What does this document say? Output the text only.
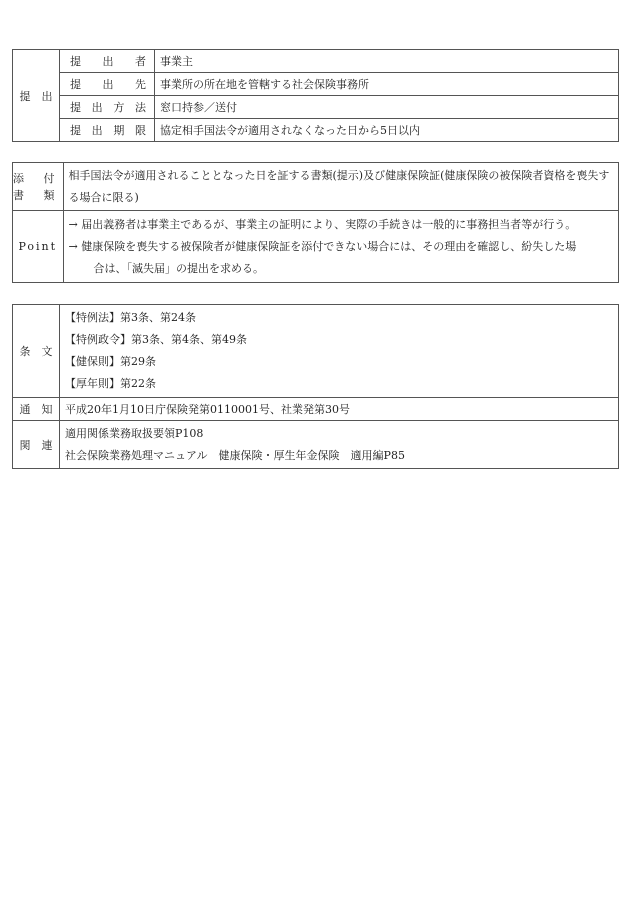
提　出	提 出 者	事業主

	提 出 先	事業所の所在地を管轄する社会保険事務所

	提 出 方 法	窓口持参／送付

	提 出 期 限	協定相手国法令が適用されなくなった日から5日以内
添 付
書 類	相手国法令が適用されることとなった日を証する書類(提示)及び健康保険証(健康保険の被保険者資格を喪失する場合に限る)
Point	→ 届出義務者は事業主であるが、事業主の証明により、実際の手続きは一般的に事務担当者等が行う。
→ 健康保険を喪失する被保険者が健康保険証を添付できない場合には、その理由を確認し、紛失した場
合は、「滅失届」の提出を求める。
条　文	【特例法】第3条、第24条
【特例政令】第3条、第4条、第49条
【健保則】第29条
【厚年則】第22条

通　知	平成20年1月10日庁保険発第0110001号、社業発第30号
関　連	適用関係業務取扱要領P108
社会保険業務処理マニュアル　健康保険・厚生年金保険　適用編P85
